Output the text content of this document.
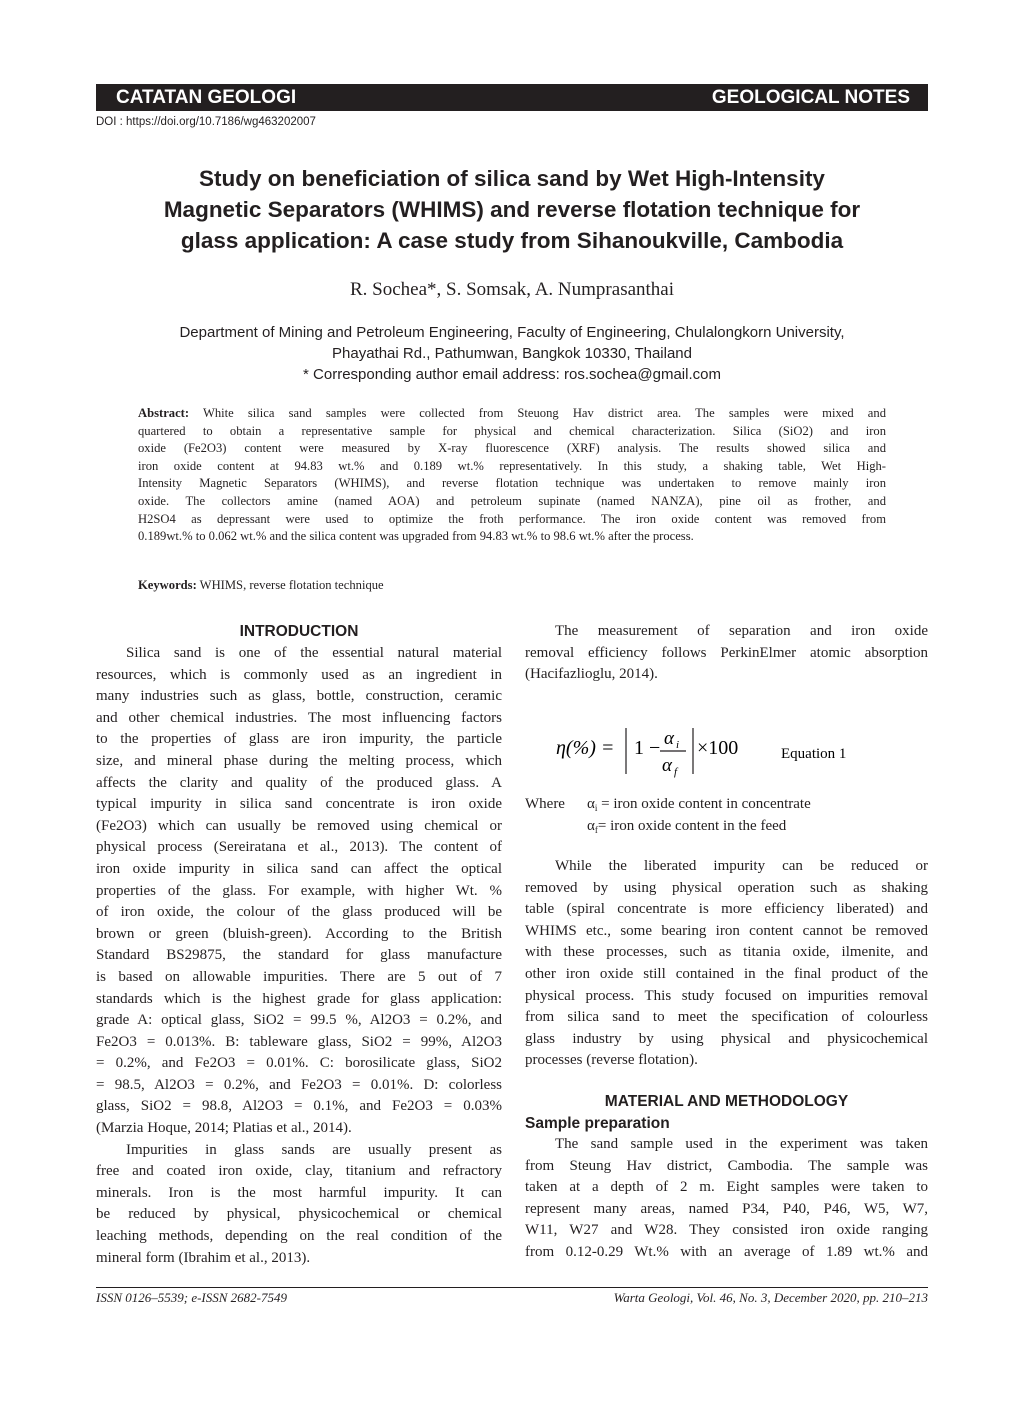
CATATAN GEOLOGI	GEOLOGICAL NOTES
DOI : https://doi.org/10.7186/wg463202007
Study on beneficiation of silica sand by Wet High-Intensity
Magnetic Separators (WHIMS) and reverse flotation technique for
glass application: A case study from Sihanoukville, Cambodia
R. Sochea*, S. Somsak, A. Numprasanthai
Department of Mining and Petroleum Engineering, Faculty of Engineering, Chulalongkorn University,
Phayathai Rd., Pathumwan, Bangkok 10330, Thailand
* Corresponding author email address: ros.sochea@gmail.com
Abstract: White silica sand samples were collected from Steuong Hav district area. The samples were mixed and
quartered to obtain a representative sample for physical and chemical characterization. Silica (SiO2) and iron
oxide (Fe2O3) content were measured by X-ray fluorescence (XRF) analysis. The results showed silica and
iron oxide content at 94.83 wt.% and 0.189 wt.% representatively. In this study, a shaking table, Wet High-
Intensity Magnetic Separators (WHIMS), and reverse flotation technique was undertaken to remove mainly iron
oxide. The collectors amine (named AOA) and petroleum supinate (named NANZA), pine oil as frother, and
H2SO4 as depressant were used to optimize the froth performance. The iron oxide content was removed from
0.189wt.% to 0.062 wt.% and the silica content was upgraded from 94.83 wt.% to 98.6 wt.% after the process.
Keywords: WHIMS, reverse flotation technique
INTRODUCTION
Silica sand is one of the essential natural material
resources, which is commonly used as an ingredient in
many industries such as glass, bottle, construction, ceramic
and other chemical industries. The most influencing factors
to the properties of glass are iron impurity, the particle
size, and mineral phase during the melting process, which
affects the clarity and quality of the produced glass. A
typical impurity in silica sand concentrate is iron oxide
(Fe2O3) which can usually be removed using chemical or
physical process (Sereiratana et al., 2013). The content of
iron oxide impurity in silica sand can affect the optical
properties of the glass. For example, with higher Wt. %
of iron oxide, the colour of the glass produced will be
brown or green (bluish-green). According to the British
Standard BS29875, the standard for glass manufacture
is based on allowable impurities. There are 5 out of 7
standards which is the highest grade for glass application:
grade A: optical glass, SiO2 = 99.5 %, Al2O3 = 0.2%, and
Fe2O3 = 0.013%. B: tableware glass, SiO2 = 99%, Al2O3
= 0.2%, and Fe2O3 = 0.01%. C: borosilicate glass, SiO2
= 98.5, Al2O3 = 0.2%, and Fe2O3 = 0.01%. D: colorless
glass, SiO2 = 98.8, Al2O3 = 0.1%, and Fe2O3 = 0.03%
(Marzia Hoque, 2014; Platias et al., 2014).
Impurities in glass sands are usually present as
free and coated iron oxide, clay, titanium and refractory
minerals. Iron is the most harmful impurity. It can
be reduced by physical, physicochemical or chemical
leaching methods, depending on the real condition of the
mineral form (Ibrahim et al., 2013).
The measurement of separation and iron oxide
removal efficiency follows PerkinElmer atomic absorption
(Hacifazlioglu, 2014).
η(%) = 1 − α i
α f
×100	Equation 1
Where $\alpha_i$ = iron oxide content in concentrate
$\alpha_f=$ iron oxide content in the feed
While the liberated impurity can be reduced or
removed by using physical operation such as shaking
table (spiral concentrate is more efficiency liberated) and
WHIMS etc., some bearing iron content cannot be removed
with these processes, such as titania oxide, ilmenite, and
other iron oxide still contained in the final product of the
physical process. This study focused on impurities removal
from silica sand to meet the specification of colourless
glass industry by using physical and physicochemical
processes (reverse flotation).
MATERIAL AND METHODOLOGY
Sample preparation
The sand sample used in the experiment was taken
from Steung Hav district, Cambodia. The sample was
taken at a depth of 2 m. Eight samples were taken to
represent many areas, named P34, P40, P46, W5, W7,
W11, W27 and W28. They consisted iron oxide ranging
from 0.12-0.29 Wt.% with an average of 1.89 wt.% and
ISSN 0126–5539; e-ISSN 2682-7549	Warta Geologi, Vol. 46, No. 3, December 2020, pp. 210–213
